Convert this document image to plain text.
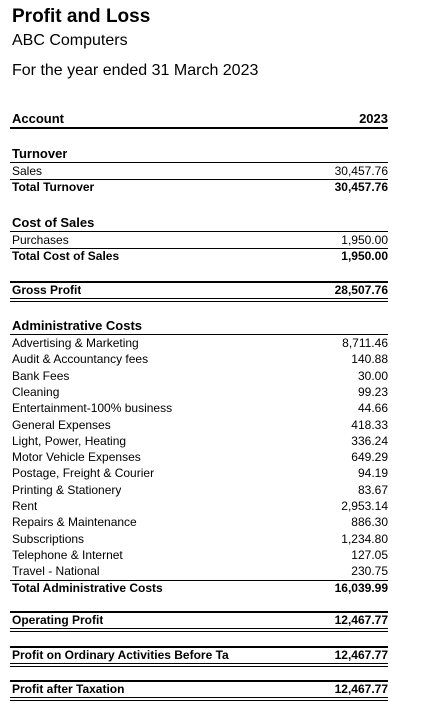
Profit and Loss
ABC Computers
For the year ended 31 March 2023
Account	2023
Turnover
Sales	30,457.76
Total Turnover	30,457.76
Cost of Sales
Purchases	1,950.00
Total Cost of Sales	1,950.00
Gross Profit	28,507.76
Administrative Costs
Advertising & Marketing	8,711.46
Audit & Accountancy fees	140.88
Bank Fees	30.00
Cleaning	99.23
Entertainment-100% business	44.66
General Expenses	418.33
Light, Power, Heating	336.24
Motor Vehicle Expenses	649.29
Postage, Freight & Courier	94.19
Printing & Stationery	83.67
Rent	2,953.14
Repairs & Maintenance	886.30
Subscriptions	1,234.80
Telephone & Internet	127.05
Travel - National	230.75
Total Administrative Costs	16,039.99
Operating Profit	12,467.77
Profit on Ordinary Activities Before Ta	12,467.77
Profit after Taxation	12,467.77
